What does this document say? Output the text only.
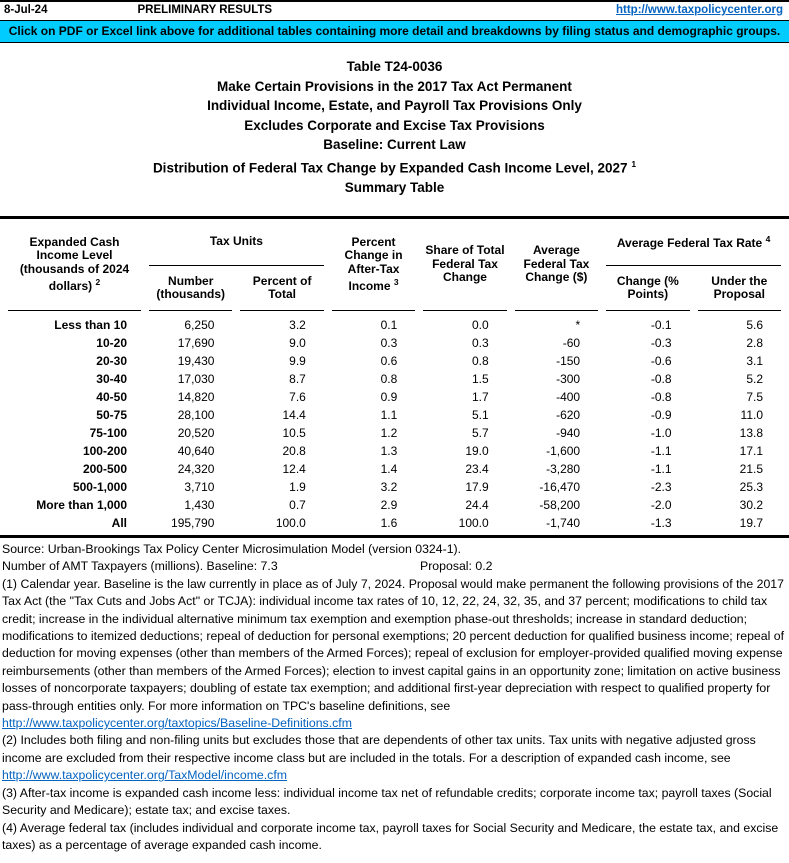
8-Jul-24	PRELIMINARY RESULTS	http://www.taxpolicycenter.org
Click on PDF or Excel link above for additional tables containing more detail and breakdowns by filing status and demographic groups.
Table T24-0036
Make Certain Provisions in the 2017 Tax Act Permanent
Individual Income, Estate, and Payroll Tax Provisions Only
Excludes Corporate and Excise Tax Provisions
Baseline: Current Law
Distribution of Federal Tax Change by Expanded Cash Income Level, 2027 $^1$
Summary Table
Expanded Cash Income Level (thousands of 2024 dollars) $^2$	Tax Units		Percent Change in After-Tax Income $^3$	Share of Total Federal Tax Change	Average Federal Tax Change ($)	Average Federal Tax Rate $^4$
	Number (thousands)	Percent of Total				Change (% Points)	Under the Proposal
Less than 10	6,250	3.2	0.1	0.0	*	-0.1	5.6
10-20	17,690	9.0	0.3	0.3	-60	-0.3	2.8
20-30	19,430	9.9	0.6	0.8	-150	-0.6	3.1
30-40	17,030	8.7	0.8	1.5	-300	-0.8	5.2
40-50	14,820	7.6	0.9	1.7	-400	-0.8	7.5
50-75	28,100	14.4	1.1	5.1	-620	-0.9	11.0
75-100	20,520	10.5	1.2	5.7	-940	-1.0	13.8
100-200	40,640	20.8	1.3	19.0	-1,600	-1.1	17.1
200-500	24,320	12.4	1.4	23.4	-3,280	-1.1	21.5
500-1,000	3,710	1.9	3.2	17.9	-16,470	-2.3	25.3
More than 1,000	1,430	0.7	2.9	24.4	-58,200	-2.0	30.2
All	195,790	100.0	1.6	100.0	-1,740	-1.3	19.7
Source: Urban-Brookings Tax Policy Center Microsimulation Model (version 0324-1).
Number of AMT Taxpayers (millions). Baseline: 7.3	Proposal: 0.2
(1) Calendar year. Baseline is the law currently in place as of July 7, 2024. Proposal would make permanent the following provisions of the 2017 Tax Act (the "Tax Cuts and Jobs Act" or TCJA): individual income tax rates of 10, 12, 22, 24, 32, 35, and 37 percent; modifications to child tax credit; increase in the individual alternative minimum tax exemption and exemption phase-out thresholds; increase in standard deduction; modifications to itemized deductions; repeal of deduction for personal exemptions; 20 percent deduction for qualified business income; repeal of deduction for moving expenses (other than members of the Armed Forces); repeal of exclusion for employer-provided qualified moving expense reimbursements (other than members of the Armed Forces); election to invest capital gains in an opportunity zone; limitation on active business losses of noncorporate taxpayers; doubling of estate tax exemption; and additional first-year depreciation with respect to qualified property for pass-through entities only. For more information on TPC's baseline definitions, see
http://www.taxpolicycenter.org/taxtopics/Baseline-Definitions.cfm
(2) Includes both filing and non-filing units but excludes those that are dependents of other tax units. Tax units with negative adjusted gross income are excluded from their respective income class but are included in the totals. For a description of expanded cash income, see
http://www.taxpolicycenter.org/TaxModel/income.cfm
(3) After-tax income is expanded cash income less: individual income tax net of refundable credits; corporate income tax; payroll taxes (Social Security and Medicare); estate tax; and excise taxes.
(4) Average federal tax (includes individual and corporate income tax, payroll taxes for Social Security and Medicare, the estate tax, and excise taxes) as a percentage of average expanded cash income.
